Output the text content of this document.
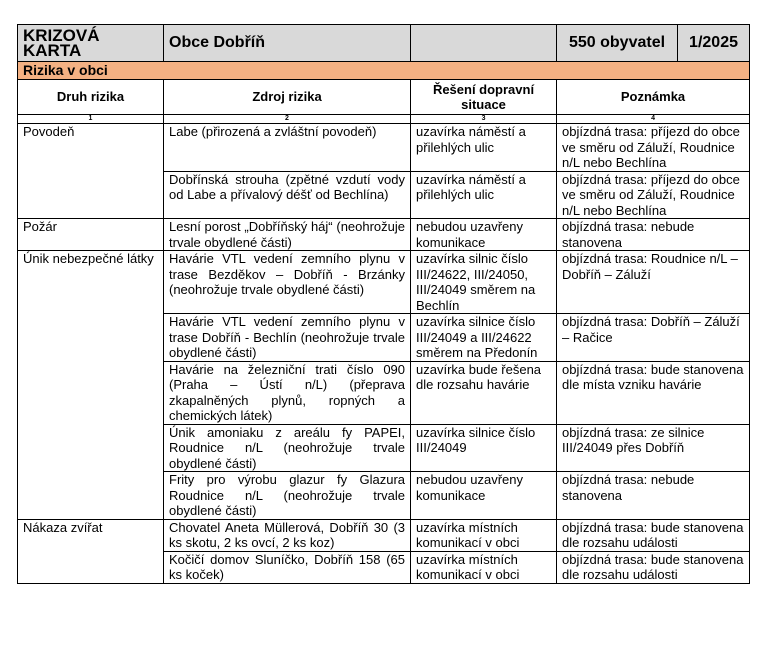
KRIZOVÁ KARTA	Obce Dobříň		550 obyvatel	1/2025
Rizika v obci				
Druh rizika	Zdroj rizika	Řešení dopravní situace	Poznámka	
1	2	3	4	
Povodeň	Labe (přirozená a zvláštní povodeň)	uzavírka náměstí a přilehlých ulic	objízdná trasa: příjezd do obce ve směru od Záluží, Roudnice n/L nebo Bechlína	
	Dobřínská strouha (zpětné vzdutí vody od Labe a přívalový déšť od Bechlína)	uzavírka náměstí a přilehlých ulic	objízdná trasa: příjezd do obce ve směru od Záluží, Roudnice n/L nebo Bechlína	
Požár	Lesní porost „Dobříňský háj“ (neohrožuje trvale obydlené části)	nebudou uzavřeny komunikace	objízdná trasa: nebude stanovena	
Únik nebezpečné látky	Havárie VTL vedení zemního plynu v trase Bezděkov – Dobříň - Brzánky (neohrožuje trvale obydlené části)	uzavírka silnic číslo III/24622, III/24050, III/24049 směrem na Bechlín	objízdná trasa: Roudnice n/L – Dobříň – Záluží	
	Havárie VTL vedení zemního plynu v trase Dobříň - Bechlín (neohrožuje trvale obydlené části)	uzavírka silnice číslo III/24049 a III/24622 směrem na Předonín	objízdná trasa: Dobříň – Záluží – Račice	
	Havárie na železniční trati číslo 090 (Praha – Ústí n/L) (přeprava zkapalněných plynů, ropných a chemických látek)	uzavírka bude řešena dle rozsahu havárie	objízdná trasa: bude stanovena dle místa vzniku havárie	
	Únik amoniaku z areálu fy PAPEI, Roudnice n/L (neohrožuje trvale obydlené části)	uzavírka silnice číslo III/24049	objízdná trasa: ze silnice III/24049 přes Dobříň	
	Frity pro výrobu glazur fy Glazura Roudnice n/L (neohrožuje trvale obydlené části)	nebudou uzavřeny komunikace	objízdná trasa: nebude stanovena	
Nákaza zvířat	Chovatel Aneta Müllerová, Dobříň 30 (3 ks skotu, 2 ks ovcí, 2 ks koz)	uzavírka místních komunikací v obci	objízdná trasa: bude stanovena dle rozsahu události	
	Kočičí domov Sluníčko, Dobříň 158 (65 ks koček)	uzavírka místních komunikací v obci	objízdná trasa: bude stanovena dle rozsahu události	
